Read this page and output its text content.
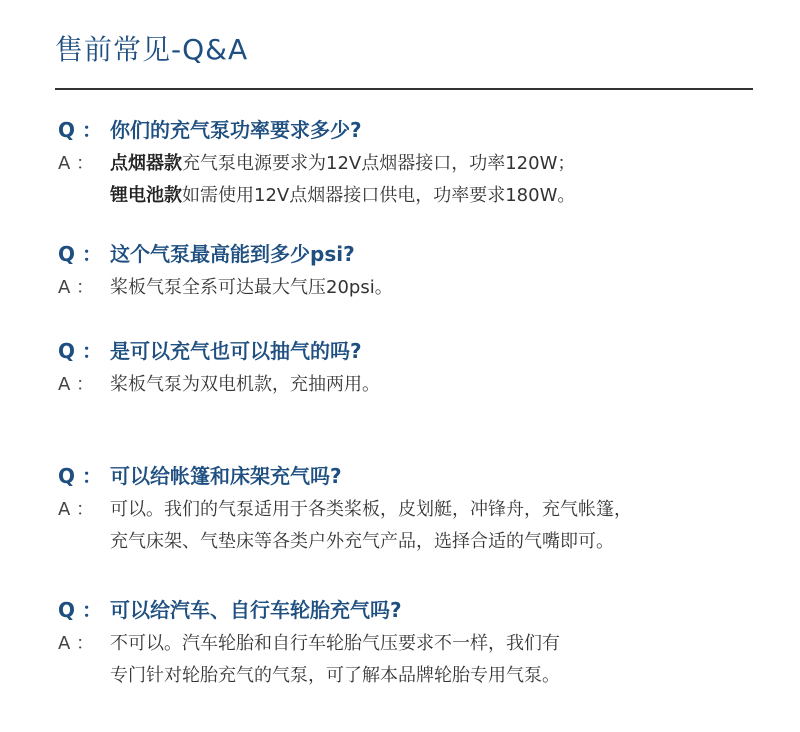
售前常见-Q&A
Q ： 你们的充气泵功率要求多少?
A ： 点烟器款充气泵电源要求为12V点烟器接口，功率120W；
锂电池款如需使用12V点烟器接口供电，功率要求180W。
Q ： 这个气泵最高能到多少psi?
A ： 桨板气泵全系可达最大气压20psi。
Q ： 是可以充气也可以抽气的吗?
A ： 桨板气泵为双电机款，充抽两用。
Q ： 可以给帐篷和床架充气吗?
A ： 可以。我们的气泵适用于各类桨板，皮划艇，冲锋舟，充气帐篷，
充气床架、气垫床等各类户外充气产品，选择合适的气嘴即可。
Q ： 可以给汽车、自行车轮胎充气吗?
A ： 不可以。汽车轮胎和自行车轮胎气压要求不一样，我们有
专门针对轮胎充气的气泵，可了解本品牌轮胎专用气泵。
